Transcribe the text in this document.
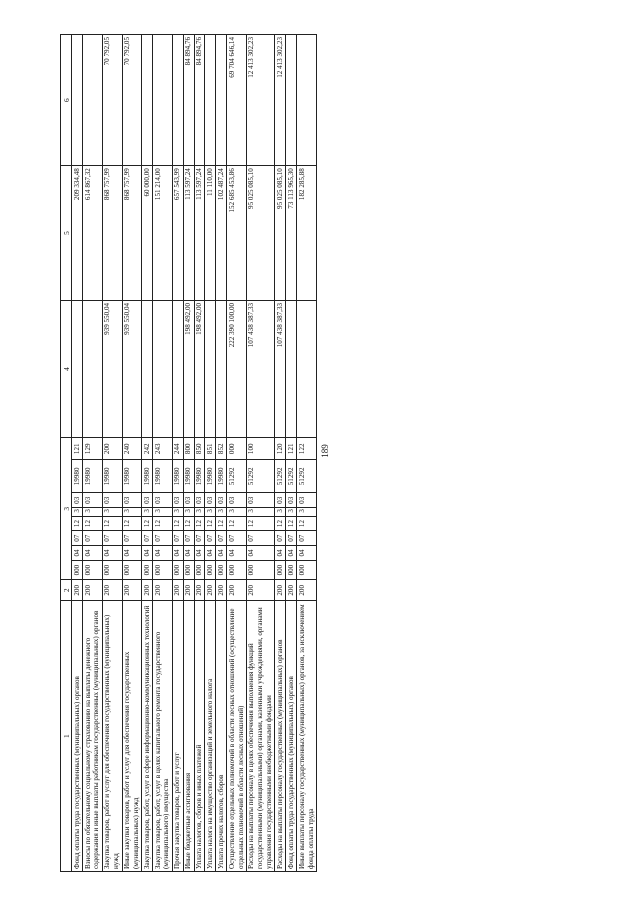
189
1	2	3								4	5	6
Фонд оплаты труда государственных (муниципальных) органов	200	000	04	07	12	3	03	19980	121		209 334,48	
Взносы по обязательному социальному страхованию на выплаты денежного содержания и иные выплаты работникам государственных (муниципальных) органов	200	000	04	07	12	3	03	19980	129		614 867,32	
Закупка товаров, работ и услуг для обеспечения государственных (муниципальных) нужд	200	000	04	07	12	3	03	19980	200	939 550,04	868 757,99	70 792,05
Иные закупки товаров, работ и услуг для обеспечения государственных (муниципальных) нужд	200	000	04	07	12	3	03	19980	240	939 550,04	868 757,99	70 792,05
Закупка товаров, работ, услуг в сфере информационно-коммуникационных технологий	200	000	04	07	12	3	03	19980	242		60 000,00	
Закупка товаров, работ, услуг в целях капитального ремонта государственного (муниципального) имущества	200	000	04	07	12	3	03	19980	243		151 214,00	
Прочая закупка товаров, работ и услуг	200	000	04	07	12	3	03	19980	244		657 543,99	
Иные бюджетные ассигнования	200	000	04	07	12	3	03	19980	800	198 492,00	113 597,24	84 894,76
Уплата налогов, сборов и иных платежей	200	000	04	07	12	3	03	19980	850	198 492,00	113 597,24	84 894,76
Уплата налога на имущество организаций и земельного налога	200	000	04	07	12	3	03	19980	851		11 110,00	
Уплата прочих налогов, сборов	200	000	04	07	12	3	03	19980	852		102 487,24	
Осуществление отдельных полномочий в области лесных отношений (осуществление отдельных полномочий в области лесных отношений)	200	000	04	07	12	3	03	51292	000	222 390 100,00	152 685 453,86	69 704 646,14
Расходы на выплаты персоналу в целях обеспечения выполнения функций государственными (муниципальными) органами, казенными учреждениями, органами управления государственными внебюджетными фондами	200	000	04	07	12	3	03	51292	100	107 438 387,33	95 025 085,10	12 413 302,23
Расходы на выплаты персоналу государственных (муниципальных) органов	200	000	04	07	12	3	03	51292	120	107 438 387,33	95 025 085,10	12 413 302,23
Фонд оплаты труда государственных (муниципальных) органов	200	000	04	07	12	3	03	51292	121		73 113 965,30	
Иные выплаты персоналу государственных (муниципальных) органов, за исключением фонда оплаты труда	200	000	04	07	12	3	03	51292	122		182 285,88	
